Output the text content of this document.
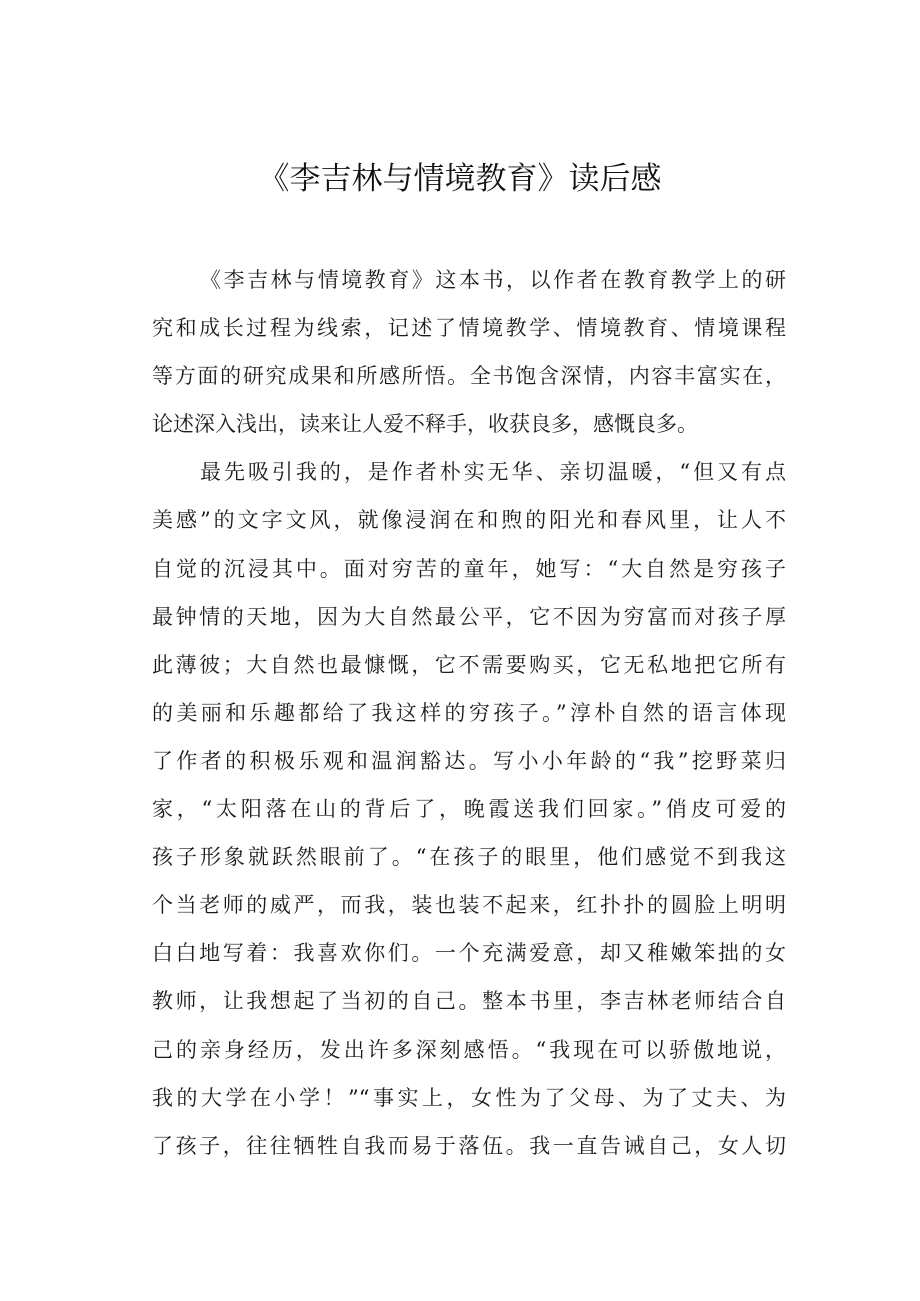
《李吉林与情境教育》读后感
《李吉林与情境教育》这本书，以作者在教育教学上的研
究和成长过程为线索，记述了情境教学、情境教育、情境课程
等方面的研究成果和所感所悟。全书饱含深情，内容丰富实在，
论述深入浅出，读来让人爱不释手，收获良多，感慨良多。
最先吸引我的，是作者朴实无华、亲切温暖，“但又有点
美感”的文字文风，就像浸润在和煦的阳光和春风里，让人不
自觉的沉浸其中。面对穷苦的童年，她写：“大自然是穷孩子
最钟情的天地，因为大自然最公平，它不因为穷富而对孩子厚
此薄彼；大自然也最慷慨，它不需要购买，它无私地把它所有
的美丽和乐趣都给了我这样的穷孩子。”淳朴自然的语言体现
了作者的积极乐观和温润豁达。写小小年龄的“我”挖野菜归
家，“太阳落在山的背后了，晚霞送我们回家。”俏皮可爱的
孩子形象就跃然眼前了。“在孩子的眼里，他们感觉不到我这
个当老师的威严，而我，装也装不起来，红扑扑的圆脸上明明
白白地写着：我喜欢你们。一个充满爱意，却又稚嫩笨拙的女
教师，让我想起了当初的自己。整本书里，李吉林老师结合自
己的亲身经历，发出许多深刻感悟。“我现在可以骄傲地说，
我的大学在小学！”“事实上，女性为了父母、为了丈夫、为
了孩子，往往牺牲自我而易于落伍。我一直告诫自己，女人切
